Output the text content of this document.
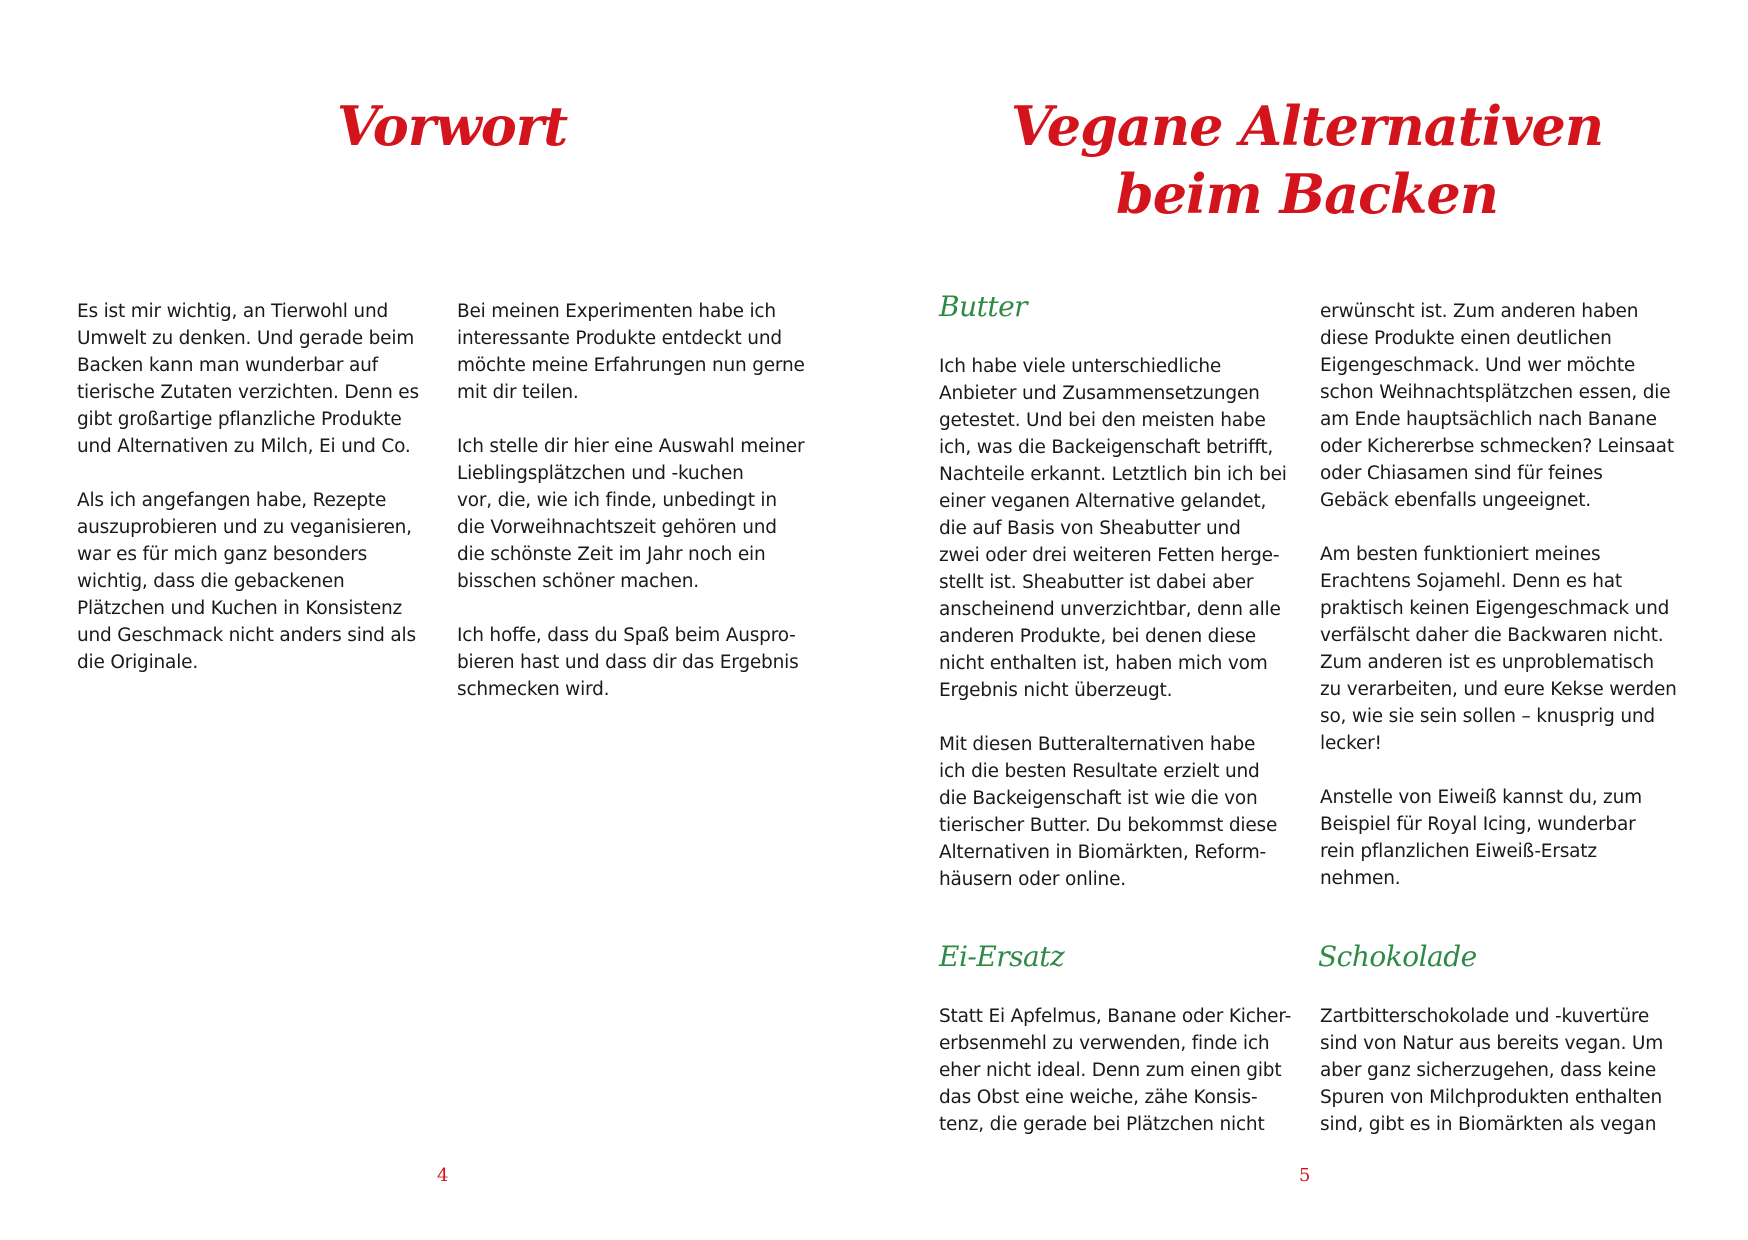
Vorwort
Es ist mir wichtig, an Tierwohl und
Umwelt zu denken. Und gerade beim
Backen kann man wunderbar auf
tierische Zutaten verzichten. Denn es
gibt großartige pflanzliche Produkte
und Alternativen zu Milch, Ei und Co.
Als ich angefangen habe, Rezepte
auszuprobieren und zu veganisieren,
war es für mich ganz besonders
wichtig, dass die gebackenen
Plätzchen und Kuchen in Konsistenz
und Geschmack nicht anders sind als
die Originale.
Bei meinen Experimenten habe ich
interessante Produkte entdeckt und
möchte meine Erfahrungen nun gerne
mit dir teilen.
Ich stelle dir hier eine Auswahl meiner
Lieblingsplätzchen und -kuchen
vor, die, wie ich finde, unbedingt in
die Vorweihnachtszeit gehören und
die schönste Zeit im Jahr noch ein
bisschen schöner machen.
Ich hoffe, dass du Spaß beim Auspro-
bieren hast und dass dir das Ergebnis
schmecken wird.
4
Vegane Alternativen
beim Backen
Butter
Ich habe viele unterschiedliche
Anbieter und Zusammensetzungen
getestet. Und bei den meisten habe
ich, was die Backeigenschaft betrifft,
Nachteile erkannt. Letztlich bin ich bei
einer veganen Alternative gelandet,
die auf Basis von Sheabutter und
zwei oder drei weiteren Fetten herge-
stellt ist. Sheabutter ist dabei aber
anscheinend unverzichtbar, denn alle
anderen Produkte, bei denen diese
nicht enthalten ist, haben mich vom
Ergebnis nicht überzeugt.
Mit diesen Butteralternativen habe
ich die besten Resultate erzielt und
die Backeigenschaft ist wie die von
tierischer Butter. Du bekommst diese
Alternativen in Biomärkten, Reform-
häusern oder online.
Ei-Ersatz
Statt Ei Apfelmus, Banane oder Kicher-
erbsenmehl zu verwenden, finde ich
eher nicht ideal. Denn zum einen gibt
das Obst eine weiche, zähe Konsis-
tenz, die gerade bei Plätzchen nicht
erwünscht ist. Zum anderen haben
diese Produkte einen deutlichen
Eigengeschmack. Und wer möchte
schon Weihnachtsplätzchen essen, die
am Ende hauptsächlich nach Banane
oder Kichererbse schmecken? Leinsaat
oder Chiasamen sind für feines
Gebäck ebenfalls ungeeignet.
Am besten funktioniert meines
Erachtens Sojamehl. Denn es hat
praktisch keinen Eigengeschmack und
verfälscht daher die Backwaren nicht.
Zum anderen ist es unproblematisch
zu verarbeiten, und eure Kekse werden
so, wie sie sein sollen – knusprig und
lecker!
Anstelle von Eiweiß kannst du, zum
Beispiel für Royal Icing, wunderbar
rein pflanzlichen Eiweiß-Ersatz
nehmen.
Schokolade
Zartbitterschokolade und -kuvertüre
sind von Natur aus bereits vegan. Um
aber ganz sicherzugehen, dass keine
Spuren von Milchprodukten enthalten
sind, gibt es in Biomärkten als vegan
5
